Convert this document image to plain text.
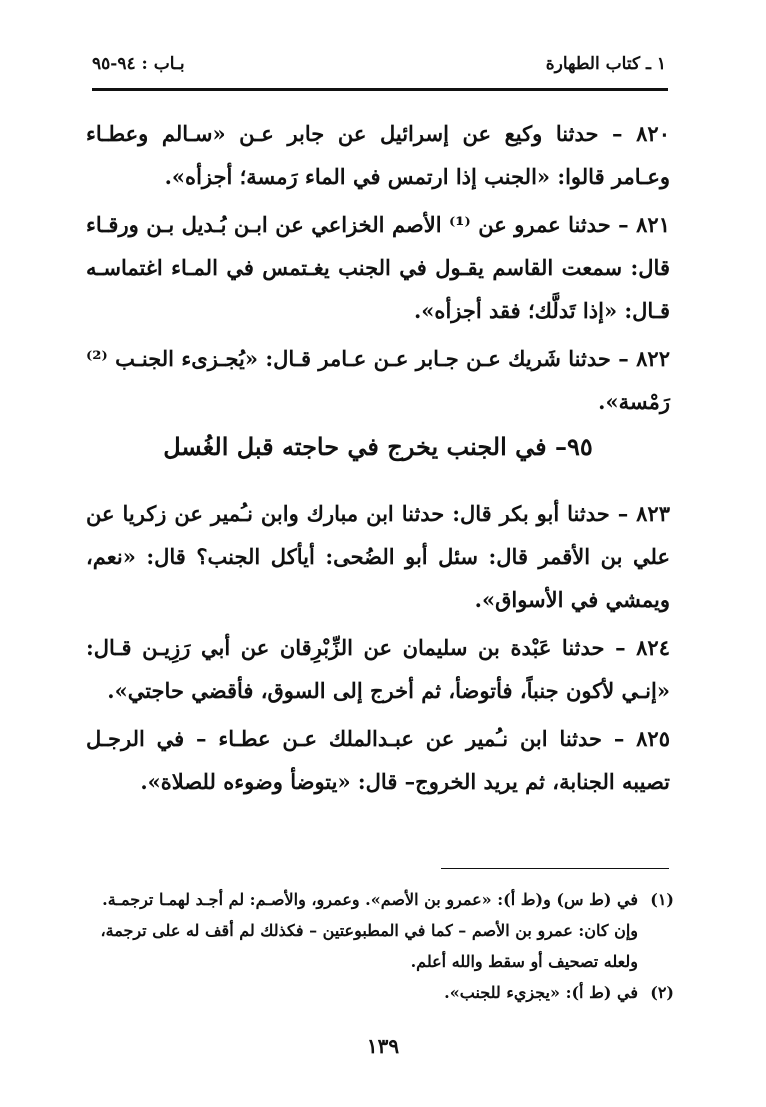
١ ـ كتاب الطهارة
بـاب : ٩٤-٩٥

٨٢٠ – حدثنا وكيع عن إسرائيل عن جابر عـن «سـالم وعطـاء وعـامر قالوا: «الجنب إذا ارتمس في الماء رَمسة؛ أجزأه».

٨٢١ – حدثنا عمرو عن ⁽¹⁾ الأصم الخزاعي عن ابـن بُـديل بـن ورقـاء قال: سمعت القاسم يقـول في الجنب يغـتمس في المـاء اغتماسـه قـال: «إذا تَدلَّك؛ فقد أجزأه».

٨٢٢ – حدثنا شَريك عـن جـابر عـن عـامر قـال: «يُجـزىء الجنـب ⁽²⁾ رَمْسة».

٩٥– في الجنب يخرج في حاجته قبل الغُسل

٨٢٣ – حدثنا أبو بكر قال: حدثنا ابن مبارك وابن نـُمير عن زكريا عن علي بن الأقمر قال: سئل أبو الضُحى: أيأكل الجنب؟ قال: «نعم، ويمشي في الأسواق».

٨٢٤ – حدثنا عَبْدة بن سليمان عن الزِّبْرِقان عن أبي رَزِيـن قـال: «إنـي لأكون جنباً، فأتوضأ، ثم أخرج إلى السوق، فأقضي حاجتي».

٨٢٥ – حدثنا ابن نـُمير عن عبـدالملك عـن عطـاء – في الرجـل تصيبه الجنابة، ثم يريد الخروج– قال: «يتوضأ وضوءه للصلاة».

(١)في (ط س) و(ط أ): «عمرو بن الأصم». وعمرو، والأصـم: لم أجـد لهمـا ترجمـة.
وإن كان: عمرو بن الأصم – كما في المطبوعتين – فكذلك لم أقف له على ترجمة،
ولعله تصحيف أو سقط والله أعلم.
(٢)في (ط أ): «يجزيء للجنب».
١٣٩
